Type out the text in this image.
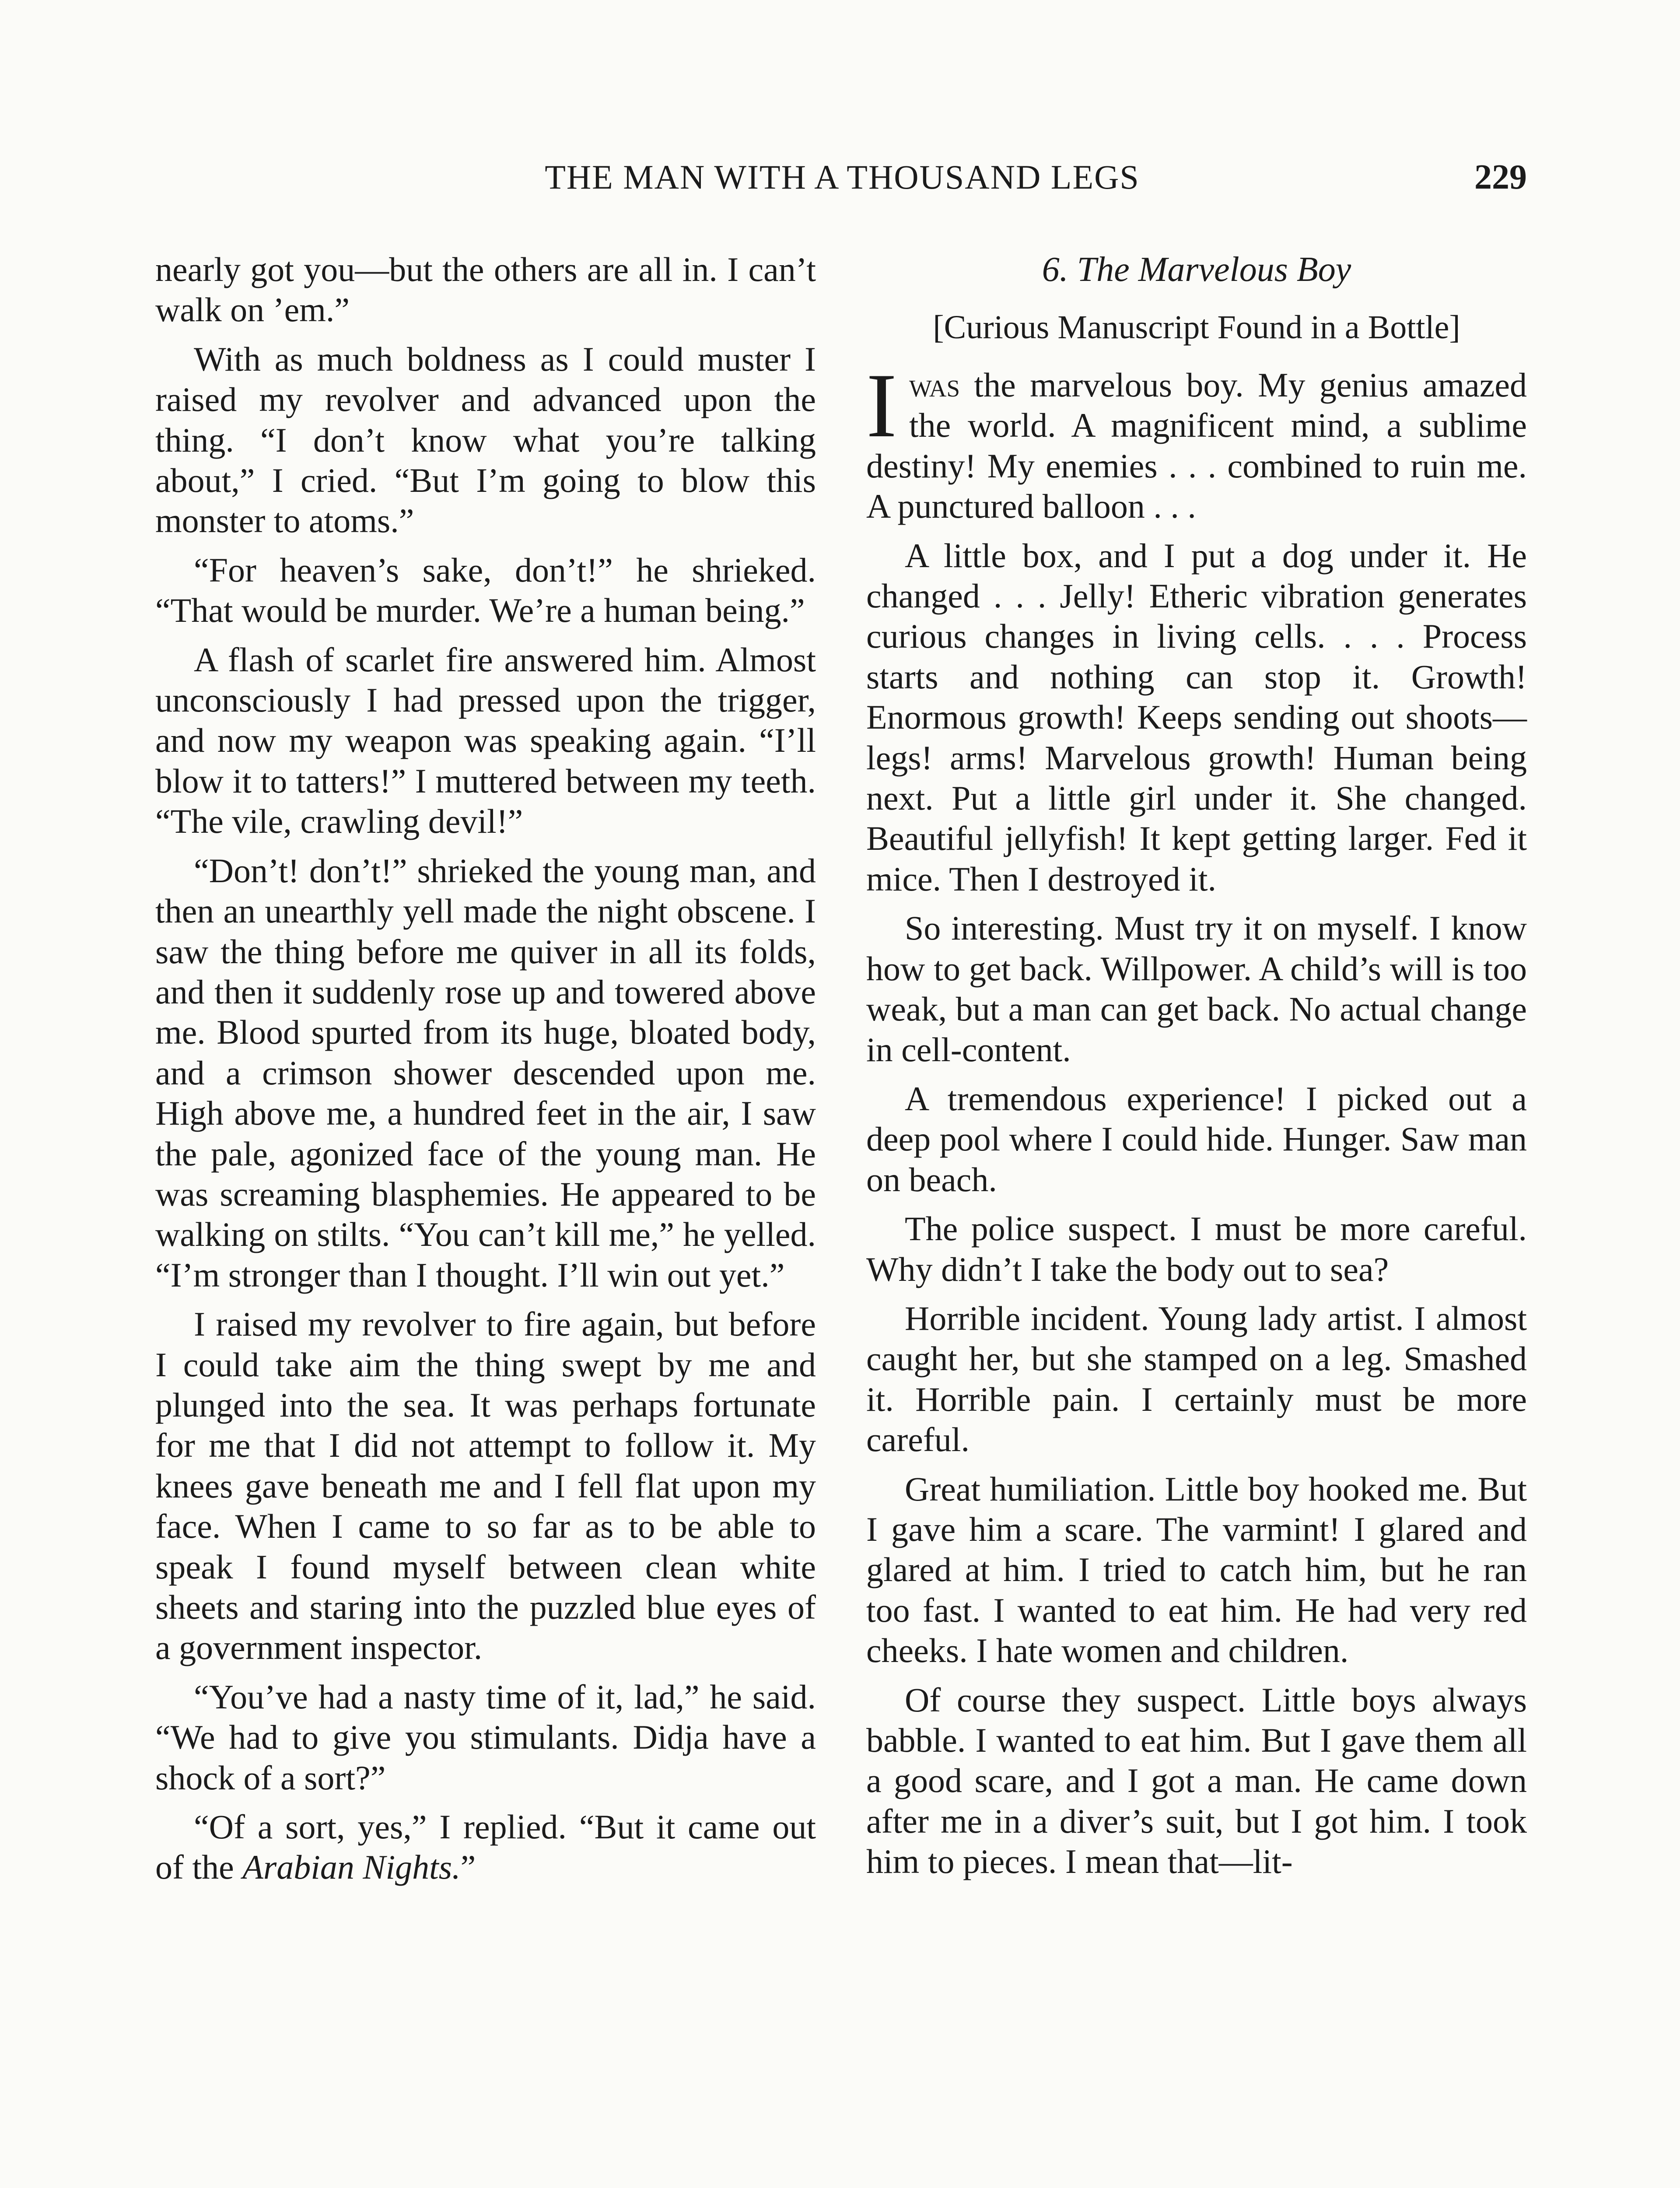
THE MAN WITH A THOUSAND LEGS	229

nearly got you—but the others are all in. I can’t walk on ’em.”

With as much boldness as I could muster I raised my revolver and advanced upon the thing. “I don’t know what you’re talking about,” I cried. “But I’m going to blow this monster to atoms.”

“For heaven’s sake, don’t!” he shrieked. “That would be murder. We’re a human being.”

A flash of scarlet fire answered him. Almost unconsciously I had pressed upon the trigger, and now my weapon was speaking again. “I’ll blow it to tatters!” I muttered between my teeth. “The vile, crawling devil!”

“Don’t! don’t!” shrieked the young man, and then an unearthly yell made the night obscene. I saw the thing before me quiver in all its folds, and then it suddenly rose up and towered above me. Blood spurted from its huge, bloated body, and a crimson shower descended upon me. High above me, a hundred feet in the air, I saw the pale, agonized face of the young man. He was screaming blasphemies. He appeared to be walking on stilts. “You can’t kill me,” he yelled. “I’m stronger than I thought. I’ll win out yet.”

I raised my revolver to fire again, but before I could take aim the thing swept by me and plunged into the sea. It was perhaps fortunate for me that I did not attempt to follow it. My knees gave beneath me and I fell flat upon my face. When I came to so far as to be able to speak I found myself between clean white sheets and staring into the puzzled blue eyes of a government inspector.

“You’ve had a nasty time of it, lad,” he said. “We had to give you stimulants. Didja have a shock of a sort?”

“Of a sort, yes,” I replied. “But it came out of the Arabian Nights.”

6. The Marvelous Boy
[Curious Manuscript Found in a Bottle]

Iwas the marvelous boy. My genius amazed the world. A magnificent mind, a sublime destiny! My enemies . . . combined to ruin me. A punctured balloon . . .

A little box, and I put a dog under it. He changed . . . Jelly! Etheric vibration generates curious changes in living cells. . . . Process starts and nothing can stop it. Growth! Enormous growth! Keeps sending out shoots—legs! arms! Marvelous growth! Human being next. Put a little girl under it. She changed. Beautiful jellyfish! It kept getting larger. Fed it mice. Then I destroyed it.

So interesting. Must try it on myself. I know how to get back. Willpower. A child’s will is too weak, but a man can get back. No actual change in cell-content.

A tremendous experience! I picked out a deep pool where I could hide. Hunger. Saw man on beach.

The police suspect. I must be more careful. Why didn’t I take the body out to sea?

Horrible incident. Young lady artist. I almost caught her, but she stamped on a leg. Smashed it. Horrible pain. I certainly must be more careful.

Great humiliation. Little boy hooked me. But I gave him a scare. The varmint! I glared and glared at him. I tried to catch him, but he ran too fast. I wanted to eat him. He had very red cheeks. I hate women and children.

Of course they suspect. Little boys always babble. I wanted to eat him. But I gave them all a good scare, and I got a man. He came down after me in a diver’s suit, but I got him. I took him to pieces. I mean that—lit-
